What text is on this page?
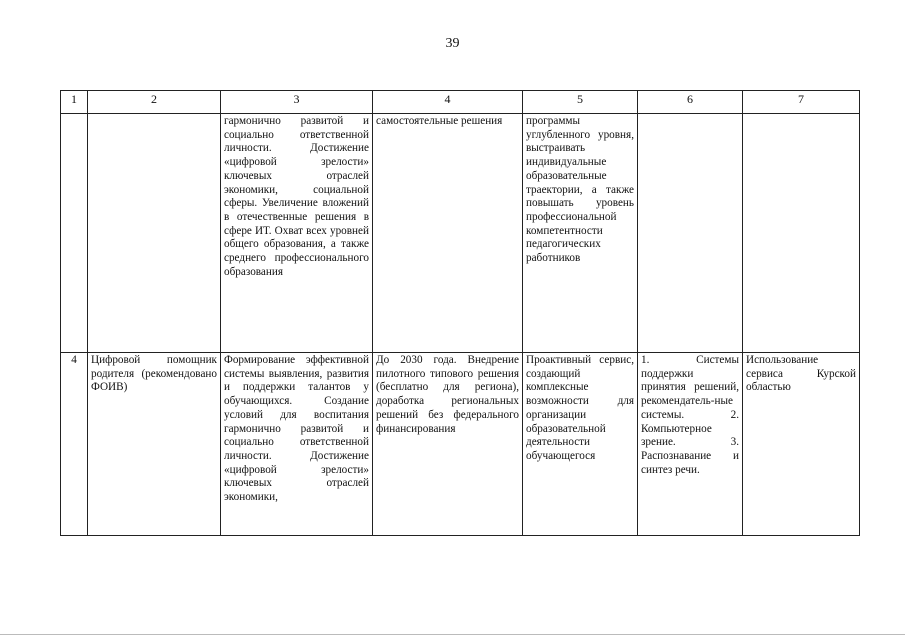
39
1	2	3	4	5	6	7
		гармонично развитой и социально ответственной личности. Достижение «цифровой зрелости» ключевых отраслей экономики, социальной сферы. Увеличение вложений в отечественные решения в сфере ИТ. Охват всех уровней общего образования, а также среднего профессионального образования	самостоятельные решения	программы углубленного уровня, выстраивать индивидуальные образовательные траектории, а также повышать уровень профессиональной компетентности педагогических работников		
4	Цифровой помощник родителя (рекомендовано ФОИВ)	Формирование эффективной системы выявления, развития и поддержки талантов у обучающихся. Создание условий для воспитания гармонично развитой и социально ответственной личности. Достижение «цифровой зрелости» ключевых отраслей экономики,	До 2030 года. Внедрение пилотного типового решения (бесплатно для региона), доработка региональных решений без федерального финансирования	Проактивный сервис, создающий комплексные возможности для организации образовательной деятельности обучающегося	1. Системы поддержки принятия решений, рекомендатель-ные системы. 2. Компьютерное зрение. 3. Распознавание и синтез речи.	Использование сервиса Курской областью
